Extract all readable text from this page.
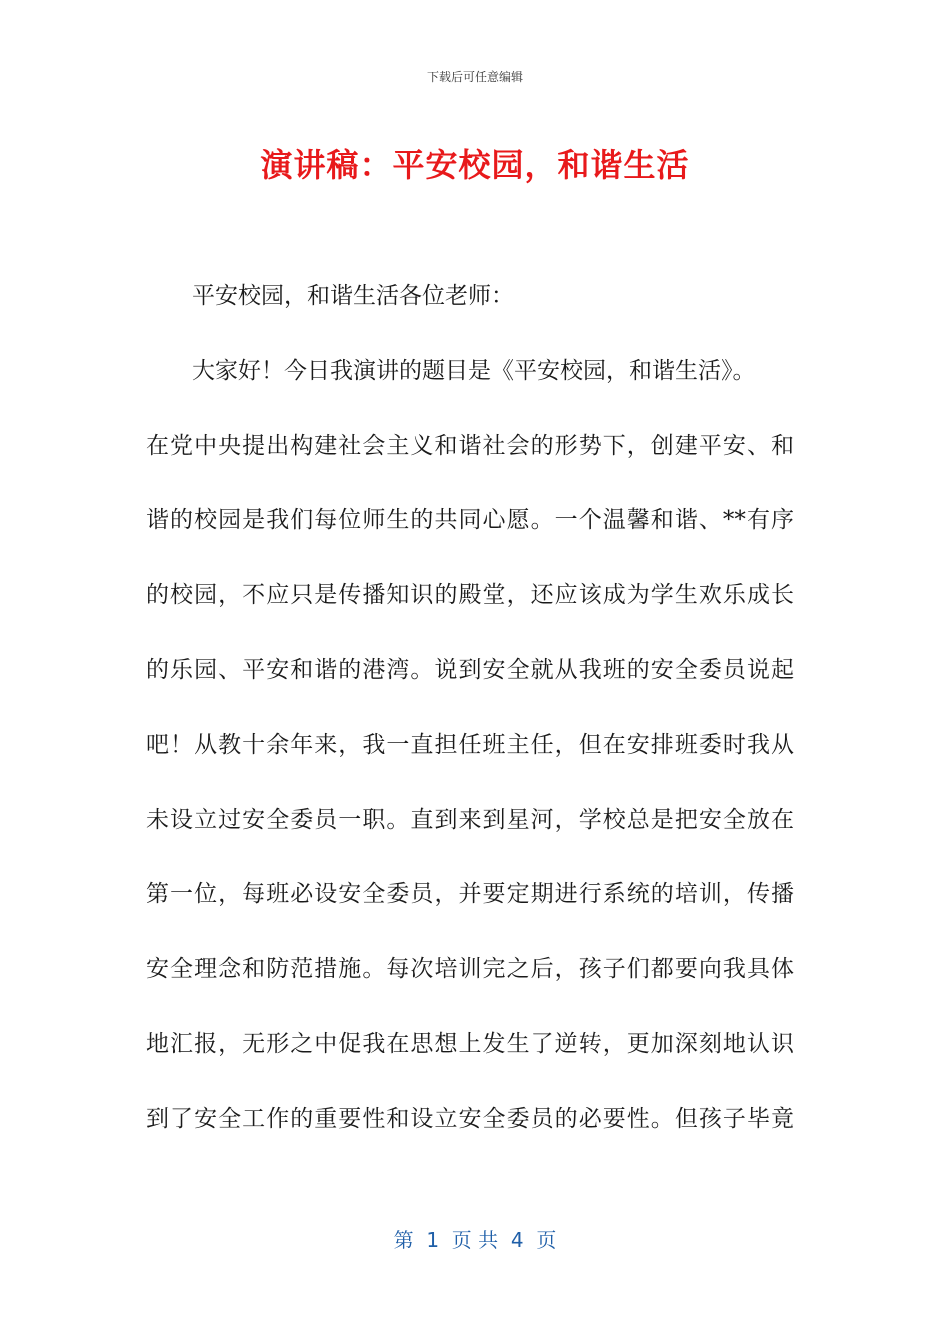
下载后可任意编辑
演讲稿：平安校园，和谐生活
平安校园，和谐生活各位老师：
大家好！今日我演讲的题目是《平安校园，和谐生活》。
在党中央提出构建社会主义和谐社会的形势下，创建平安、和
谐的校园是我们每位师生的共同心愿。一个温馨和谐、**有序
的校园，不应只是传播知识的殿堂，还应该成为学生欢乐成长
的乐园、平安和谐的港湾。说到安全就从我班的安全委员说起
吧！从教十余年来，我一直担任班主任，但在安排班委时我从
未设立过安全委员一职。直到来到星河，学校总是把安全放在
第一位，每班必设安全委员，并要定期进行系统的培训，传播
安全理念和防范措施。每次培训完之后，孩子们都要向我具体
地汇报，无形之中促我在思想上发生了逆转，更加深刻地认识
到了安全工作的重要性和设立安全委员的必要性。但孩子毕竟
第  1  页 共  4  页
